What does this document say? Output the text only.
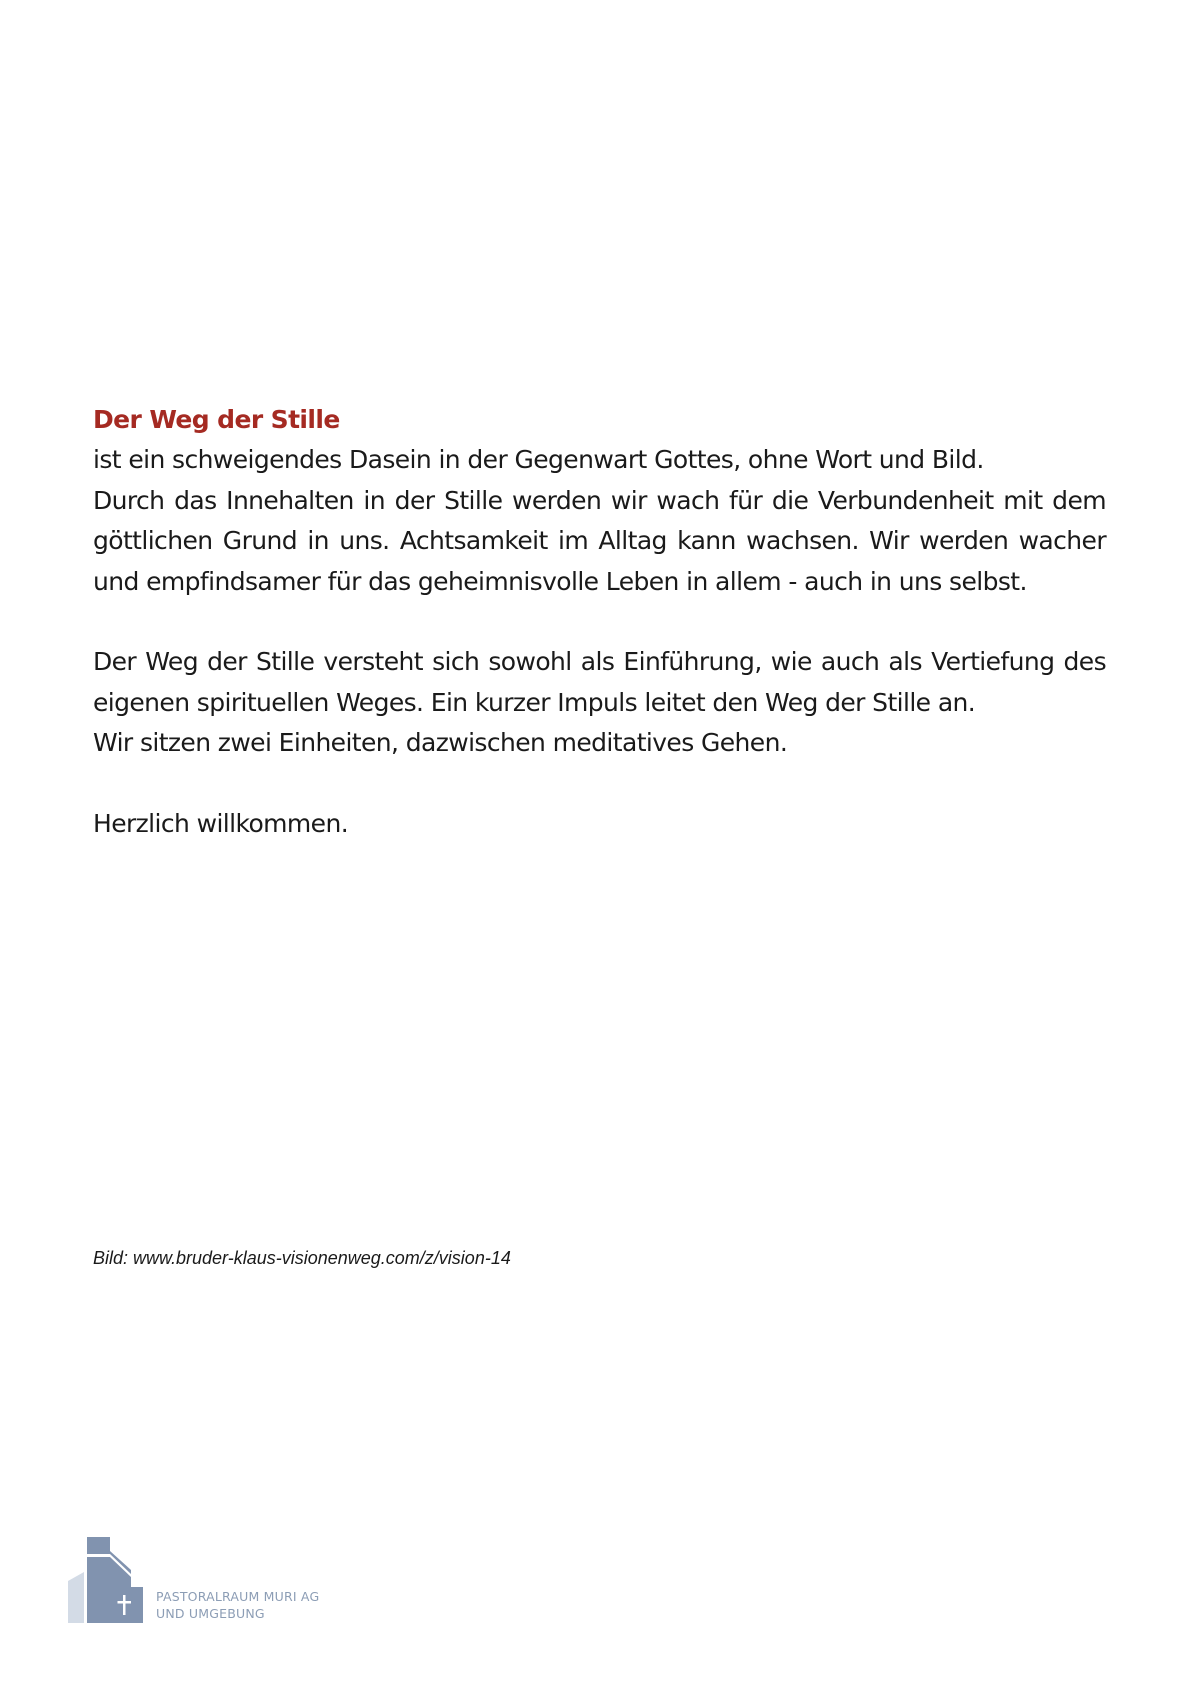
Der Weg der Stille

ist ein schweigendes Dasein in der Gegenwart Gottes, ohne Wort und Bild.
Durch das Innehalten in der Stille werden wir wach für die Verbundenheit mit dem
göttlichen Grund in uns. Achtsamkeit im Alltag kann wachsen. Wir werden wacher
und empfindsamer für das geheimnisvolle Leben in allem - auch in uns selbst.

Der Weg der Stille versteht sich sowohl als Einführung, wie auch als Vertiefung des
eigenen spirituellen Weges. Ein kurzer Impuls leitet den Weg der Stille an.
Wir sitzen zwei Einheiten, dazwischen meditatives Gehen.

Herzlich willkommen.

Bild: www.bruder-klaus-visionenweg.com/z/vision-14
PASTORALRAUM MURI AG
UND UMGEBUNG
